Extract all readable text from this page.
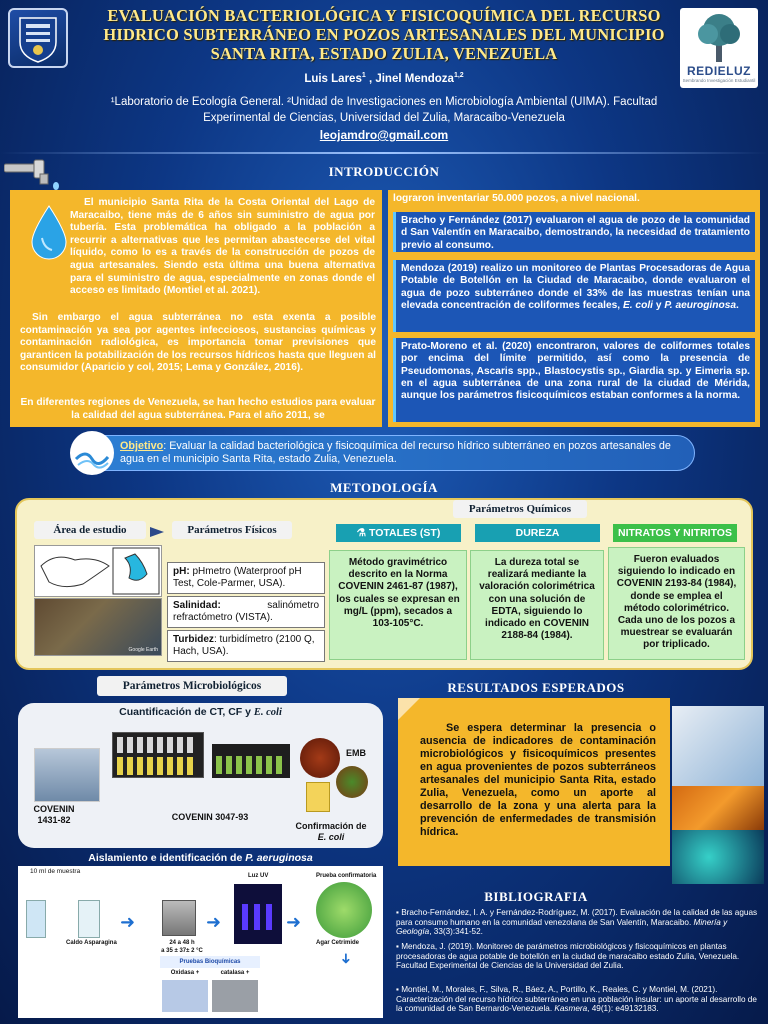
EVALUACIÓN BACTERIOLÓGICA Y FISICOQUÍMICA DEL RECURSO
HIDRICO SUBTERRÁNEO EN POZOS ARTESANALES DEL MUNICIPIO
SANTA RITA, ESTADO ZULIA, VENEZUELA
REDIELUZ
Sembrando Investigación Estudiantil
Luis Lares$^1$ , Jinel Mendoza$^{1,2}$
¹Laboratorio de Ecología General. ²Unidad de Investigaciones en Microbiología Ambiental (UIMA). Facultad
Experimental de Ciencias, Universidad del Zulia, Maracaibo-Venezuela
leojamdro@gmail.com
INTRODUCCIÓN
El municipio Santa Rita de la Costa Oriental del Lago de Maracaibo, tiene más de 6 años sin suministro de agua por tubería. Esta problemática ha obligado a la población a recurrir a alternativas que les permitan abastecerse del vital líquido, como lo es a través de la construcción de pozos de agua artesanales. Siendo esta última una buena alternativa para el suministro de agua, especialmente en zonas donde el acceso es limitado (Montiel et al. 2021).
Sin embargo el agua subterránea no esta exenta a posible contaminación ya sea por agentes infecciosos, sustancias químicas y contaminación radiológica, es importancia tomar previsiones que garanticen la potabilización de los recursos hídricos hasta que lleguen al consumidor (Aparicio y col, 2015; Lema y González, 2016).
En diferentes regiones de Venezuela, se han hecho estudios para evaluar la calidad del agua subterránea. Para el año 2011, se
lograron inventariar 50.000 pozos, a nivel nacional.
Bracho y Fernández (2017) evaluaron el agua de pozo de la comunidad d San Valentín en Maracaibo, demostrando, la necesidad de tratamiento previo al consumo.
Mendoza (2019) realizo un monitoreo de Plantas Procesadoras de Agua Potable de Botellón en la Ciudad de Maracaibo, donde evaluaron el agua de pozo subterráneo donde el 33% de las muestras tenían una elevada concentración de coliformes fecales, E. coli y P. aeuroginosa.
Prato-Moreno et al. (2020) encontraron, valores de coliformes totales por encima del límite permitido, así como la presencia de Pseudomonas, Ascaris spp., Blastocystis sp., Giardia sp. y Eimeria sp. en el agua subterránea de una zona rural de la ciudad de Mérida, aunque los parámetros fisicoquímicos estaban conformes a la norma.
Objetivo: Evaluar la calidad bacteriológica y fisicoquímica del recurso hídrico subterráneo en pozos artesanales de agua en el municipio Santa Rita, estado Zulia, Venezuela.
METODOLOGÍA
Parámetros Químicos
Área de estudio	Parámetros Físicos	⚗ TOTALES (ST)	DUREZA	NITRATOS Y NITRITOS
Google Earth
pH: pHmetro (Waterproof pH Test, Cole-Parmer, USA).
Salinidad: salinómetro refractómetro (VISTA).
Turbidez: turbidímetro (2100 Q, Hach, USA).
Método gravimétrico descrito en la Norma COVENIN 2461-87 (1987), los cuales se expresan en mg/L (ppm), secados a 103-105°C.
La dureza total se realizará mediante la valoración colorimétrica con una solución de EDTA, siguiendo lo indicado en COVENIN 2188-84 (1984).
Fueron evaluados siguiendo lo indicado en COVENIN 2193-84 (1984), donde se emplea el método colorimétrico. Cada uno de los pozos a muestrear se evaluarán por triplicado.
Parámetros Microbiológicos
Cuantificación de CT, CF y E. coli
EMB
COVENIN
1431-82	COVENIN 3047-93
Confirmación de
E. coli
Aislamiento e identificación de P. aeruginosa
10 ml de muestra
Caldo Asparagina
➜
24 a 48 h
a 35 ± 37± 2 °C
➜
Luz UV
➜
Prueba confirmatoria
Agar Cetrimide
➜
Pruebas Bioquímicas
Oxidasa +	catalasa +
RESULTADOS ESPERADOS
Se espera determinar la presencia o ausencia de indicadores de contaminación microbiológicos y fisicoquímicos presentes en agua provenientes de pozos subterráneos artesanales del municipio Santa Rita, estado Zulia, Venezuela, como un aporte al desarrollo de la zona y una alerta para la prevención de enfermedades de transmisión hídrica.
BIBLIOGRAFIA
▪ Bracho-Fernández, I. A. y Fernández-Rodríguez, M. (2017). Evaluación de la calidad de las aguas para consumo humano en la comunidad venezolana de San Valentín, Maracaibo. Minería y Geología, 33(3):341-52.
▪ Mendoza, J. (2019). Monitoreo de parámetros microbiológicos y fisicoquímicos en plantas procesadoras de agua potable de botellón en la ciudad de maracaibo estado Zulia, Venezuela. Facultad Experimental de Ciencias de la Universidad del Zulia.
▪ Montiel, M., Morales, F., Silva, R., Báez, A., Portillo, K., Reales, C. y Montiel, M. (2021). Caracterización del recurso hídrico subterráneo en una población insular: un aporte al desarrollo de la comunidad de San Bernardo-Venezuela. Kasmera, 49(1): e49132183.
